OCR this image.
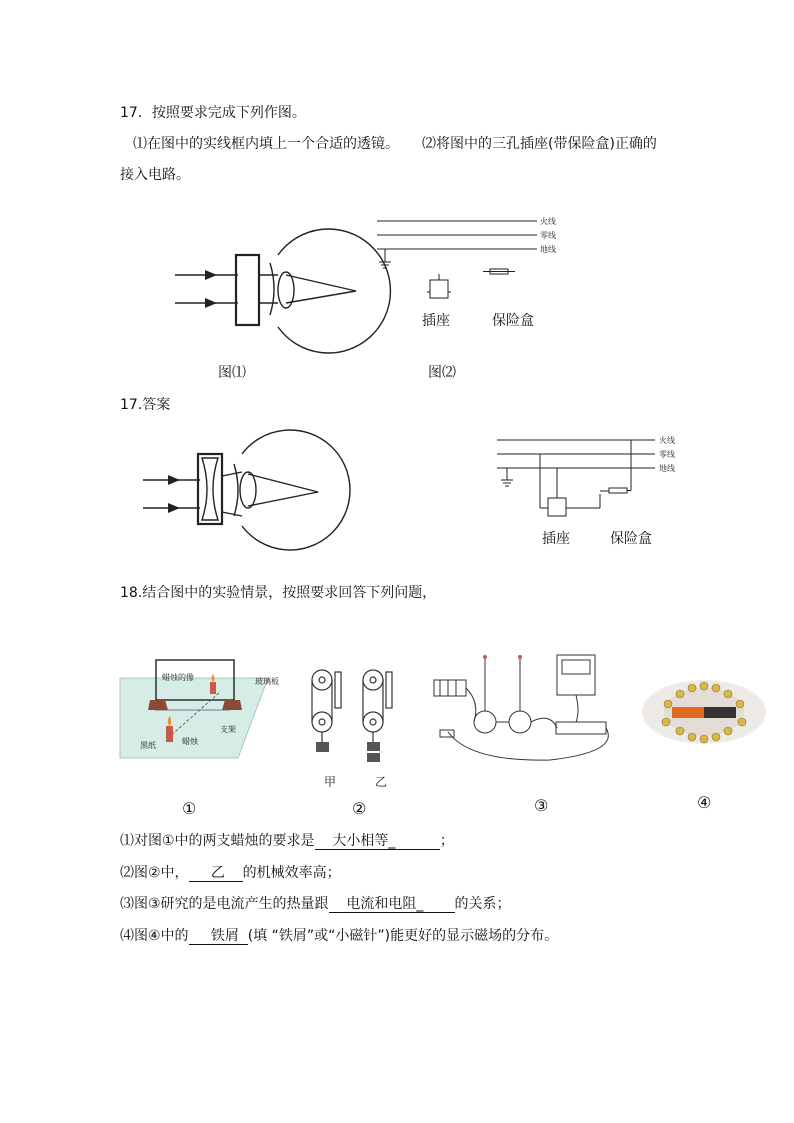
17．按照要求完成下列作图。
⑴在图中的实线框内填上一个合适的透镜。 ⑵将图中的三孔插座(带保险盒)正确的
接入电路。
火线
零线
地线
插座	保险盒
图⑴	图⑵
17.答案
火线
零线
地线
插座	保险盒
18.结合图中的实验情景，按照要求回答下列问题，
蜡烛的像	玻璃板
支架
黑纸	蜡烛
甲	乙
①	②	③	④
⑴对图①中的两支蜡烛的要求是    大小相等_          ；
⑵图②中，     乙    的机械效率高；
⑶图③研究的是电流产生的热量跟    电流和电阻_       的关系；
⑷图④中的     铁屑  (填 “铁屑”或“小磁针”)能更好的显示磁场的分布。
